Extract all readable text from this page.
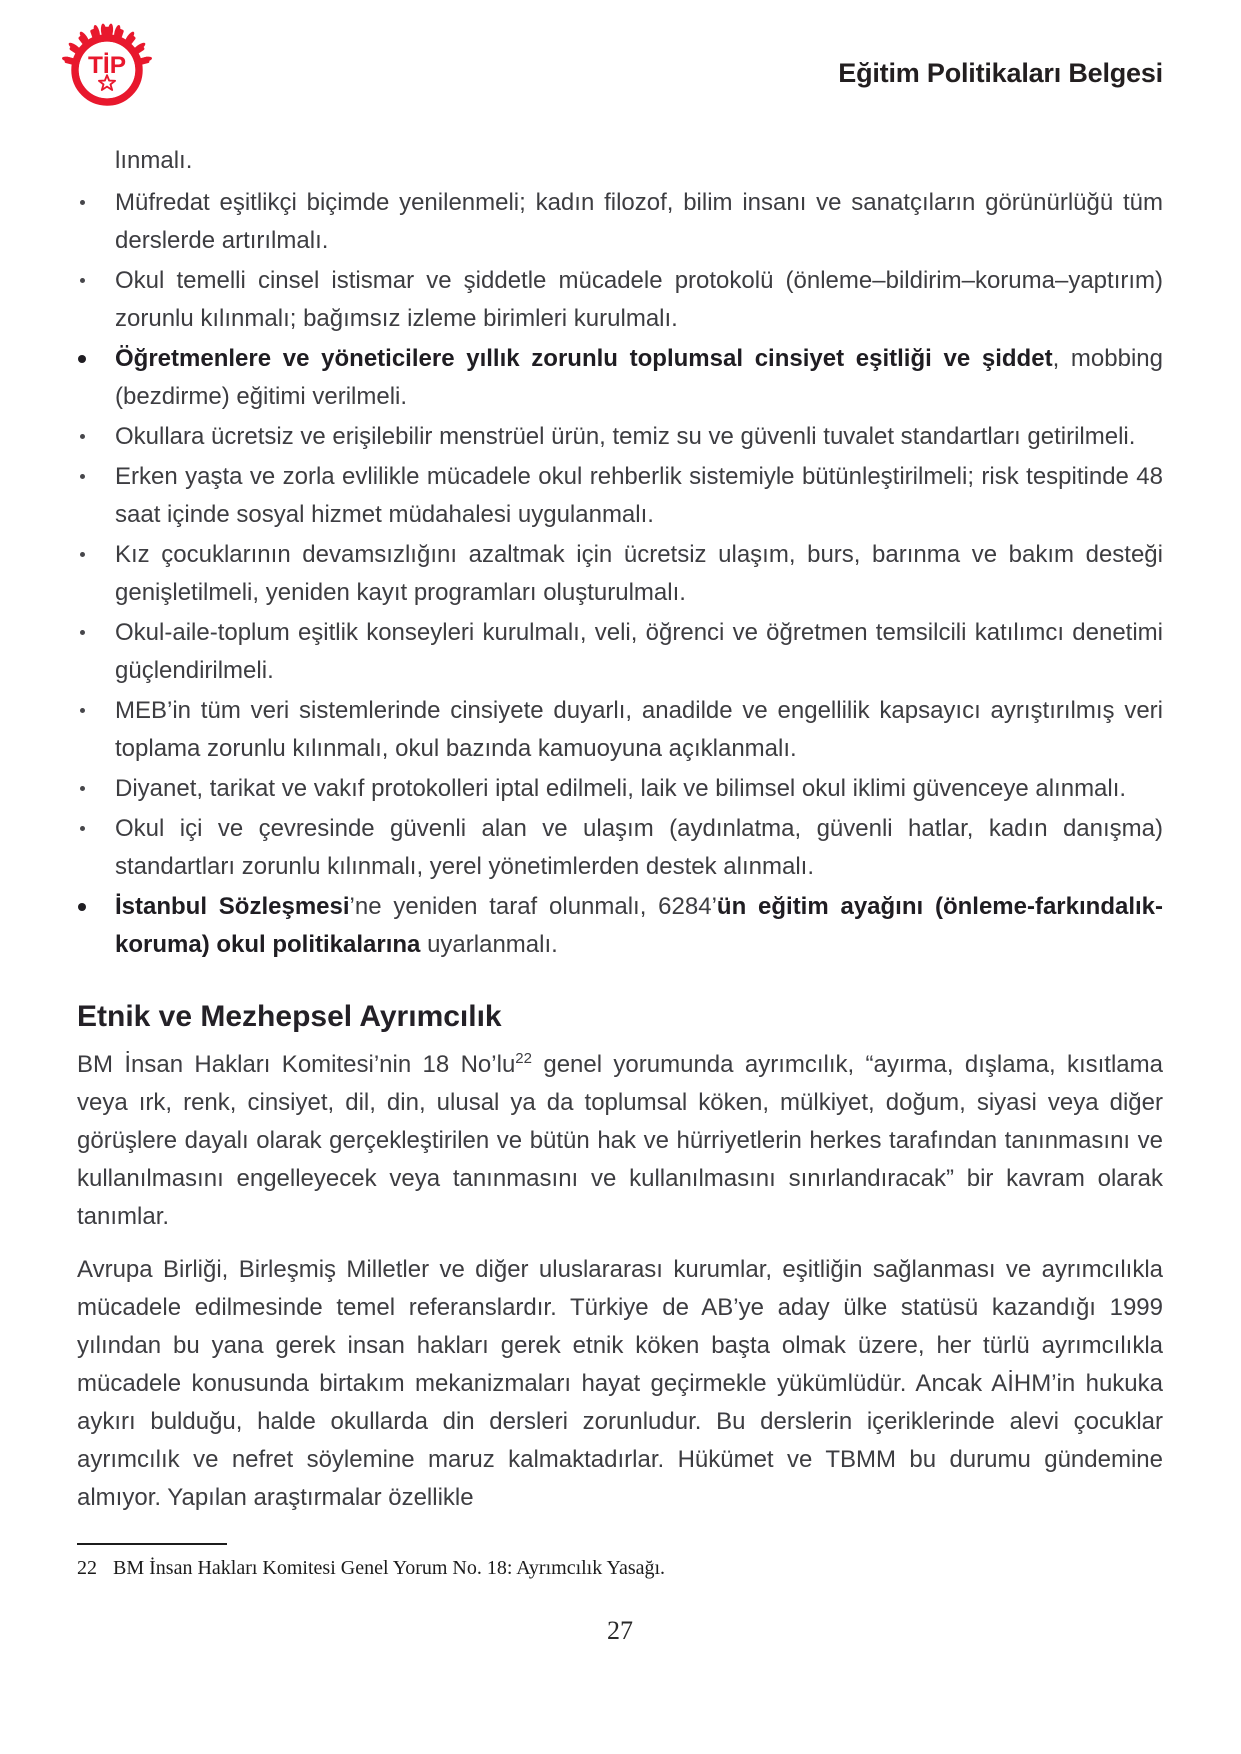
TİP	Eğitim Politikaları Belgesi
lınmalı.
Müfredat eşitlikçi biçimde yenilenmeli; kadın filozof, bilim insanı ve sanatçıların görünürlüğü tüm derslerde artırılmalı.
Okul temelli cinsel istismar ve şiddetle mücadele protokolü (önleme–bildirim–koruma–yaptırım) zorunlu kılınmalı; bağımsız izleme birimleri kurulmalı.
Öğretmenlere ve yöneticilere yıllık zorunlu toplumsal cinsiyet eşitliği ve şiddet, mobbing (bezdirme) eğitimi verilmeli.
Okullara ücretsiz ve erişilebilir menstrüel ürün, temiz su ve güvenli tuvalet standartları getirilmeli.
Erken yaşta ve zorla evlilikle mücadele okul rehberlik sistemiyle bütünleştirilmeli; risk tespitinde 48 saat içinde sosyal hizmet müdahalesi uygulanmalı.
Kız çocuklarının devamsızlığını azaltmak için ücretsiz ulaşım, burs, barınma ve bakım desteği genişletilmeli, yeniden kayıt programları oluşturulmalı.
Okul-aile-toplum eşitlik konseyleri kurulmalı, veli, öğrenci ve öğretmen temsilcili katılımcı denetimi güçlendirilmeli.
MEB’in tüm veri sistemlerinde cinsiyete duyarlı, anadilde ve engellilik kapsayıcı ayrıştırılmış veri toplama zorunlu kılınmalı, okul bazında kamuoyuna açıklanmalı.
Diyanet, tarikat ve vakıf protokolleri iptal edilmeli, laik ve bilimsel okul iklimi güvenceye alınmalı.
Okul içi ve çevresinde güvenli alan ve ulaşım (aydınlatma, güvenli hatlar, kadın danışma) standartları zorunlu kılınmalı, yerel yönetimlerden destek alınmalı.
İstanbul Sözleşmesi’ne yeniden taraf olunmalı, 6284’ün eğitim ayağını (önleme-farkındalık-koruma) okul politikalarına uyarlanmalı.
Etnik ve Mezhepsel Ayrımcılık

BM İnsan Hakları Komitesi’nin 18 $No’lu^{22}$ genel yorumunda ayrımcılık, “ayırma, dışlama, kısıtlama veya ırk, renk, cinsiyet, dil, din, ulusal ya da toplumsal köken, mülkiyet, doğum, siyasi veya diğer görüşlere dayalı olarak gerçekleştirilen ve bütün hak ve hürriyetlerin herkes tarafından tanınmasını ve kullanılmasını engelleyecek veya tanınmasını ve kullanılmasını sınırlandıracak” bir kavram olarak tanımlar.

Avrupa Birliği, Birleşmiş Milletler ve diğer uluslararası kurumlar, eşitliğin sağlanması ve ayrımcılıkla mücadele edilmesinde temel referanslardır. Türkiye de AB’ye aday ülke statüsü kazandığı 1999 yılından bu yana gerek insan hakları gerek etnik köken başta olmak üzere, her türlü ayrımcılıkla mücadele konusunda birtakım mekanizmaları hayat geçirmekle yükümlüdür. Ancak AİHM’in hukuka aykırı bulduğu, halde okullarda din dersleri zorunludur. Bu derslerin içeriklerinde alevi çocuklar ayrımcılık ve nefret söylemine maruz kalmaktadırlar. Hükümet ve TBMM bu durumu gündemine almıyor. Yapılan araştırmalar özellikle

22 BM İnsan Hakları Komitesi Genel Yorum No. 18: Ayrımcılık Yasağı.
27
